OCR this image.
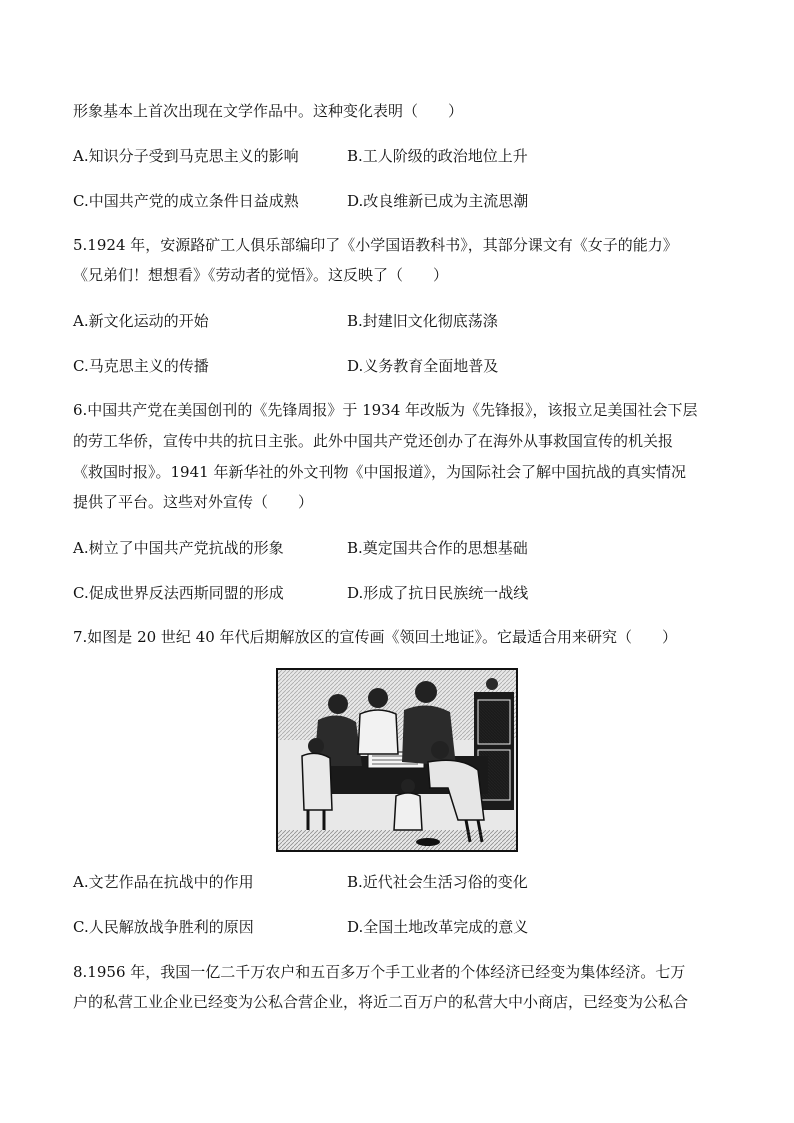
形象基本上首次出现在文学作品中。这种变化表明（　　）
A.知识分子受到马克思主义的影响	B.工人阶级的政治地位上升
C.中国共产党的成立条件日益成熟	D.改良维新已成为主流思潮
5.1924 年，安源路矿工人俱乐部编印了《小学国语教科书》，其部分课文有《女子的能力》
《兄弟们！想想看》《劳动者的觉悟》。这反映了（　　）
A.新文化运动的开始	B.封建旧文化彻底荡涤
C.马克思主义的传播	D.义务教育全面地普及
6.中国共产党在美国创刊的《先锋周报》于 1934 年改版为《先锋报》，该报立足美国社会下层
的劳工华侨，宣传中共的抗日主张。此外中国共产党还创办了在海外从事救国宣传的机关报
《救国时报》。1941 年新华社的外文刊物《中国报道》，为国际社会了解中国抗战的真实情况
提供了平台。这些对外宣传（　　）
A.树立了中国共产党抗战的形象	B.奠定国共合作的思想基础
C.促成世界反法西斯同盟的形成	D.形成了抗日民族统一战线
7.如图是 20 世纪 40 年代后期解放区的宣传画《领回土地证》。它最适合用来研究（　　）
A.文艺作品在抗战中的作用	B.近代社会生活习俗的变化
C.人民解放战争胜利的原因	D.全国土地改革完成的意义
8.1956 年，我国一亿二千万农户和五百多万个手工业者的个体经济已经变为集体经济。七万
户的私营工业企业已经变为公私合营企业，将近二百万户的私营大中小商店，已经变为公私合
